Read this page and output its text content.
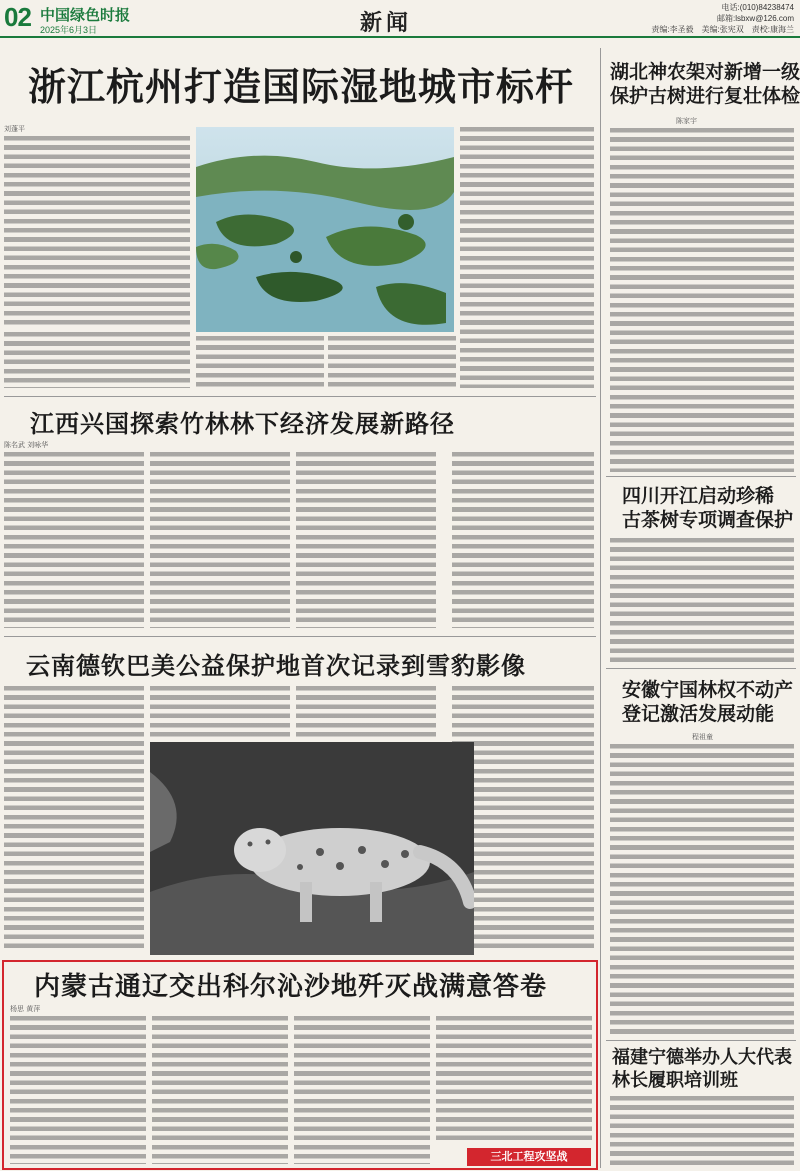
02 中国绿色时报
2025年6月3日	新闻
电话:(010)84238474
邮箱:lsbxw@126.com
责编:李圣毅　美编:张宪双　责校:康海兰
浙江杭州打造国际湿地城市标杆
刘蓬平
江西兴国探索竹林林下经济发展新路径
陈名武 刘咏华
云南德钦巴美公益保护地首次记录到雪豹影像
内蒙古通辽交出科尔沁沙地歼灭战满意答卷
杨思 黄萍
三北工程攻坚战
湖北神农架对新增一级
保护古树进行复壮体检
陈家宇
四川开江启动珍稀
古茶树专项调查保护
安徽宁国林权不动产
登记激活发展动能
程祖童
福建宁德举办人大代表
林长履职培训班
